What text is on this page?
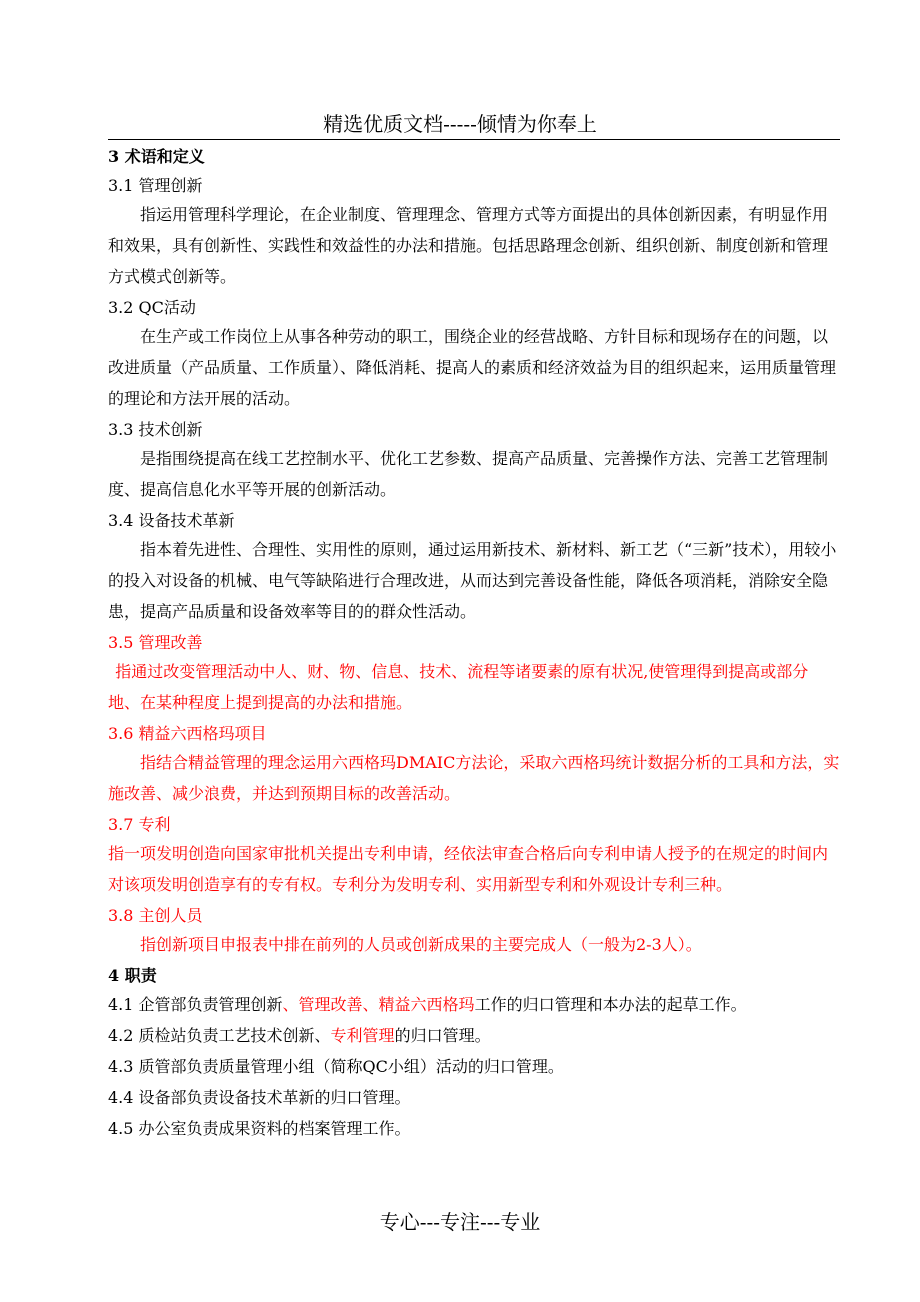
精选优质文档-----倾情为你奉上

3 术语和定义

3.1 管理创新

指运用管理科学理论，在企业制度、管理理念、管理方式等方面提出的具体创新因素，有明显作用和效果，具有创新性、实践性和效益性的办法和措施。包括思路理念创新、组织创新、制度创新和管理方式模式创新等。

3.2 QC活动

在生产或工作岗位上从事各种劳动的职工，围绕企业的经营战略、方针目标和现场存在的问题，以改进质量（产品质量、工作质量）、降低消耗、提高人的素质和经济效益为目的组织起来，运用质量管理的理论和方法开展的活动。

3.3 技术创新

是指围绕提高在线工艺控制水平、优化工艺参数、提高产品质量、完善操作方法、完善工艺管理制度、提高信息化水平等开展的创新活动。

3.4 设备技术革新

指本着先进性、合理性、实用性的原则，通过运用新技术、新材料、新工艺（“三新”技术），用较小的投入对设备的机械、电气等缺陷进行合理改进，从而达到完善设备性能，降低各项消耗，消除安全隐患，提高产品质量和设备效率等目的的群众性活动。

3.5 管理改善

指通过改变管理活动中人、财、物、信息、技术、流程等诸要素的原有状况,使管理得到提高或部分地、在某种程度上提到提高的办法和措施。

3.6 精益六西格玛项目

指结合精益管理的理念运用六西格玛DMAIC方法论，采取六西格玛统计数据分析的工具和方法，实施改善、减少浪费，并达到预期目标的改善活动。

3.7 专利

指一项发明创造向国家审批机关提出专利申请，经依法审查合格后向专利申请人授予的在规定的时间内对该项发明创造享有的专有权。专利分为发明专利、实用新型专利和外观设计专利三种。

3.8 主创人员

指创新项目申报表中排在前列的人员或创新成果的主要完成人（一般为2-3人）。

4 职责

4.1 企管部负责管理创新、管理改善、精益六西格玛工作的归口管理和本办法的起草工作。

4.2 质检站负责工艺技术创新、专利管理的归口管理。

4.3 质管部负责质量管理小组（简称QC小组）活动的归口管理。

4.4 设备部负责设备技术革新的归口管理。

4.5 办公室负责成果资料的档案管理工作。

专心---专注---专业
